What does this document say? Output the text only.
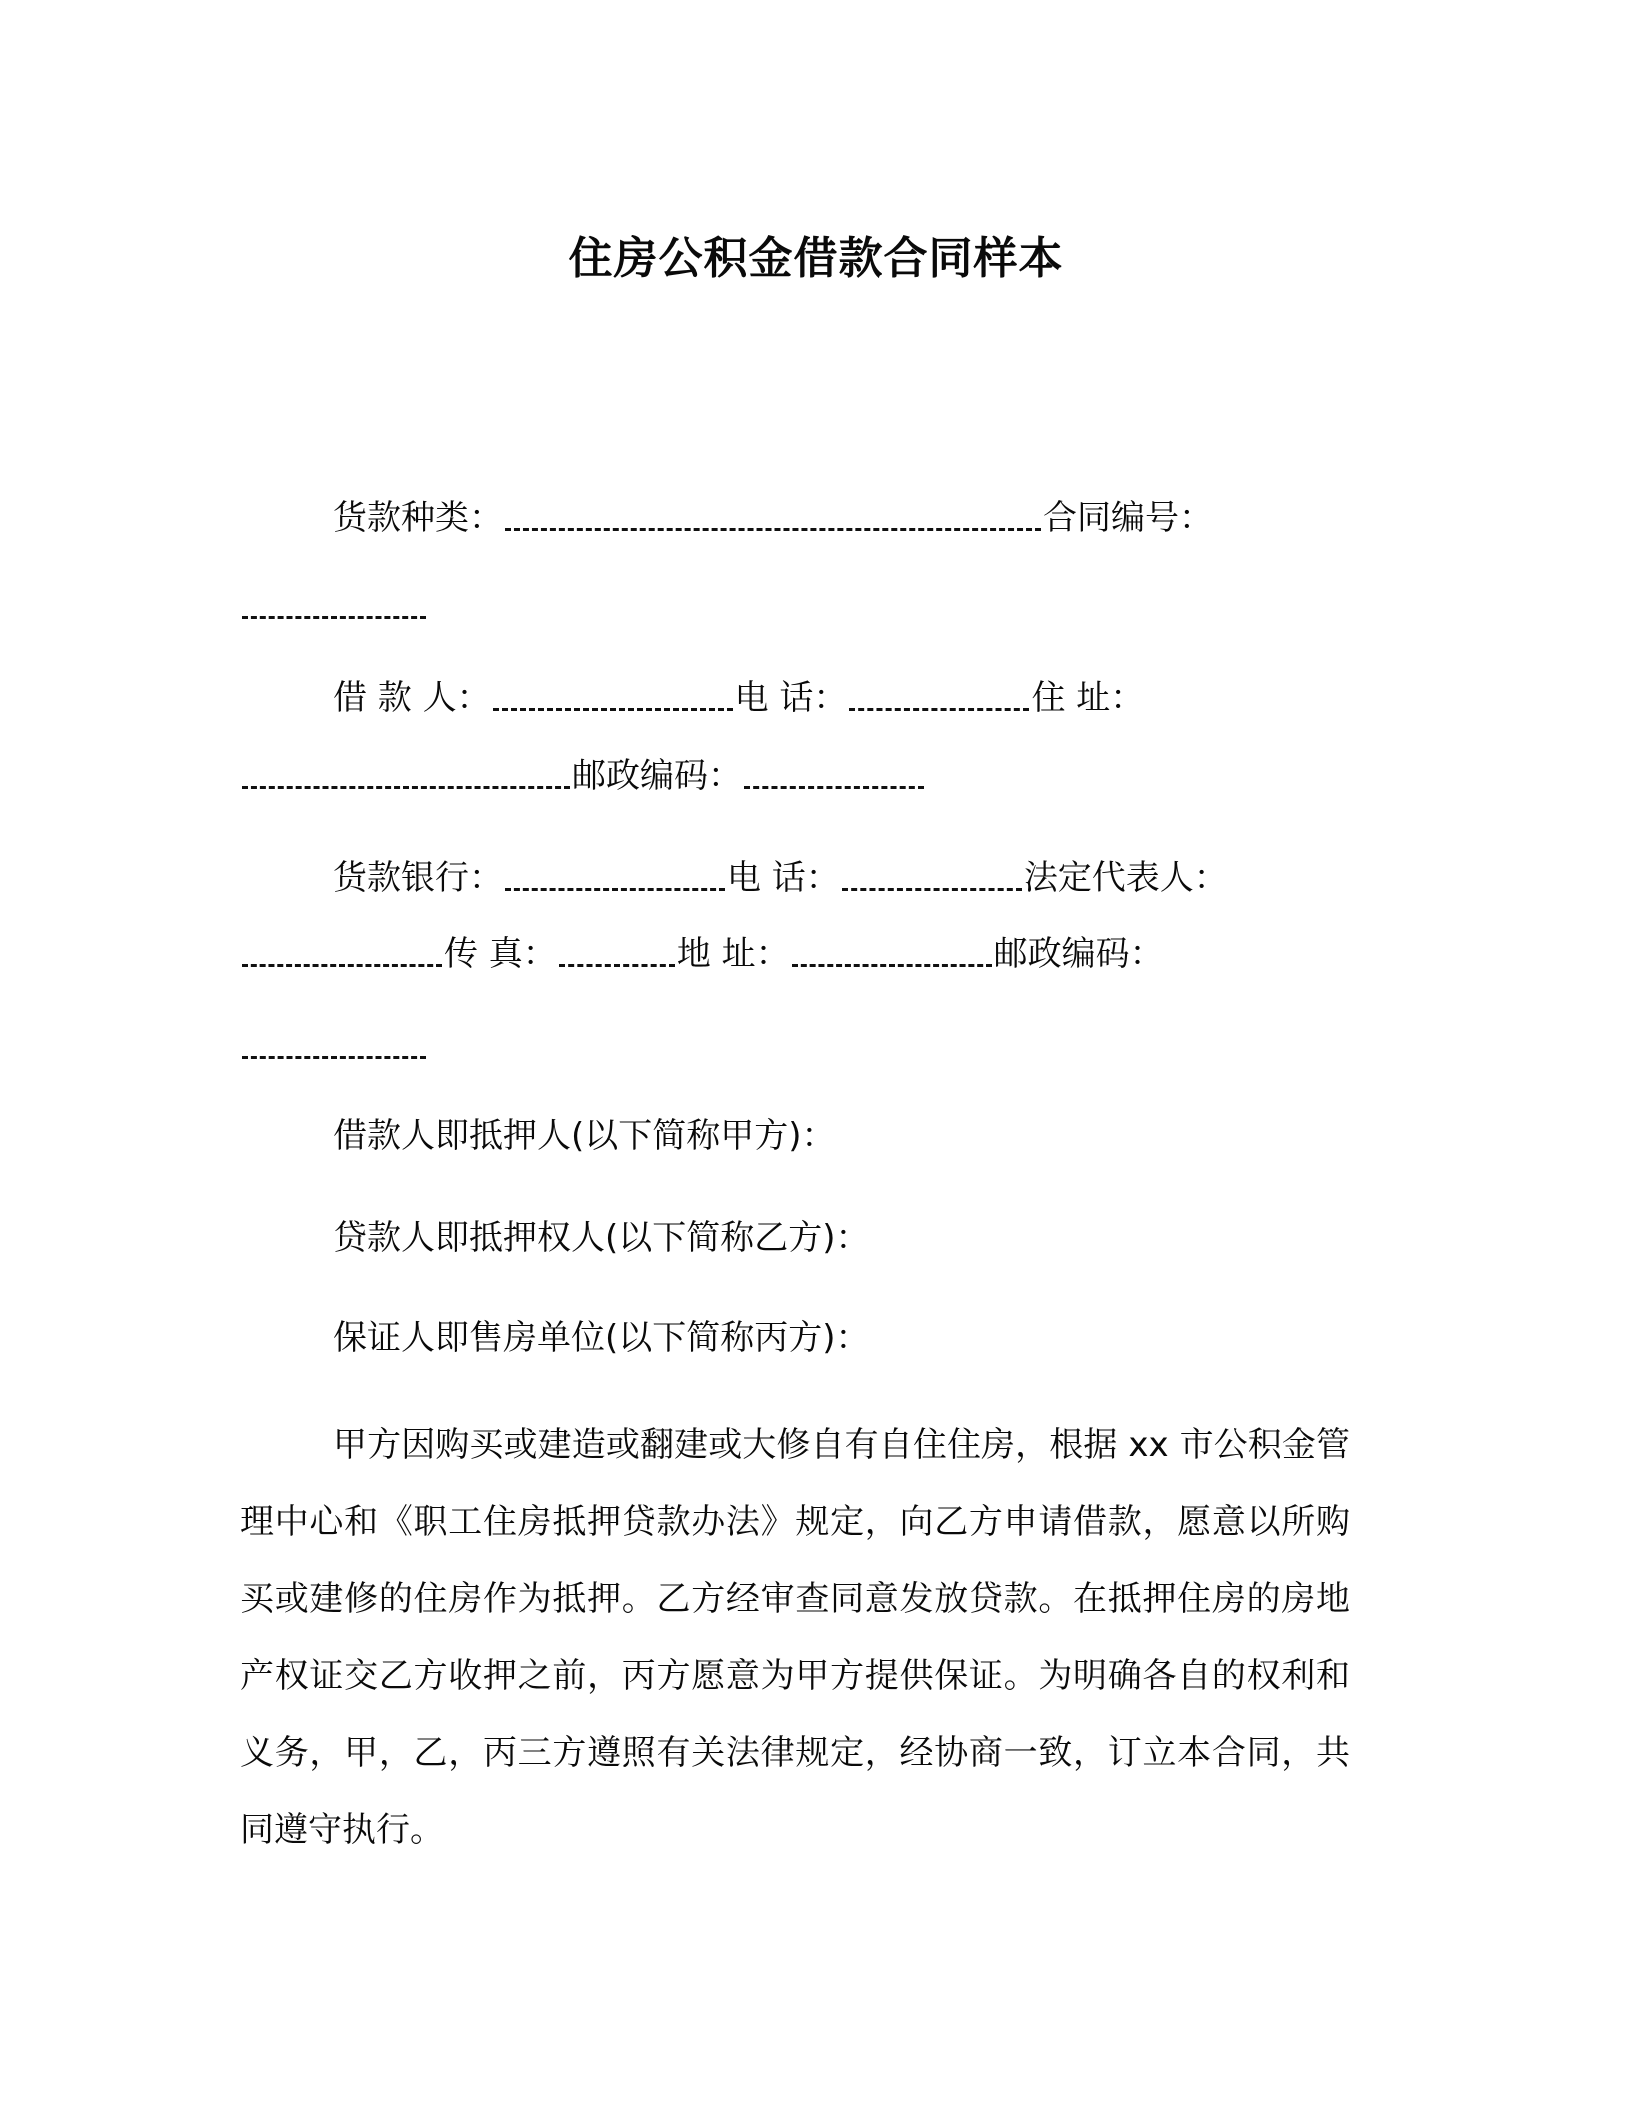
住房公积金借款合同样本
货款种类：	合同编号：
借 款 人：	电 话：	住 址：
邮政编码：
货款银行：	电 话：	法定代表人：
传 真：	地 址：	邮政编码：
借款人即抵押人(以下简称甲方)：
贷款人即抵押权人(以下简称乙方)：
保证人即售房单位(以下简称丙方)：
甲方因购买或建造或翻建或大修自有自住住房，根据 xx 市公积金管理中心和《职工住房抵押贷款办法》规定，向乙方申请借款，愿意以所购买或建修的住房作为抵押。乙方经审查同意发放贷款。在抵押住房的房地产权证交乙方收押之前，丙方愿意为甲方提供保证。为明确各自的权利和义务，甲，乙，丙三方遵照有关法律规定，经协商一致，订立本合同，共同遵守执行。
